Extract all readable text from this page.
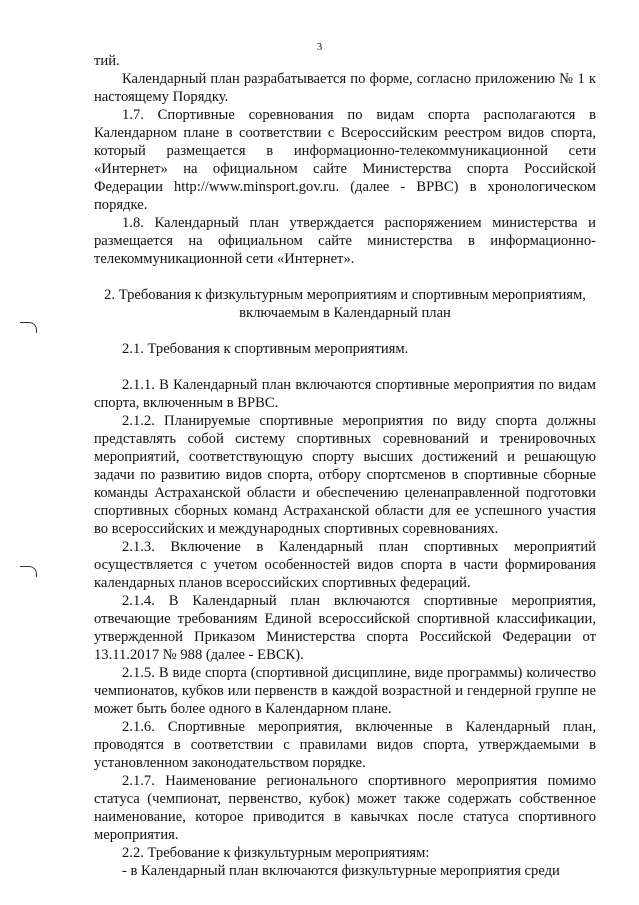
3

тий.

Календарный план разрабатывается по форме, согласно приложению № 1 к настоящему Порядку.

1.7. Спортивные соревнования по видам спорта располагаются в Календарном плане в соответствии с Всероссийским реестром видов спорта, который размещается в информационно-телекоммуникационной сети «Интернет» на официальном сайте Министерства спорта Российской Федерации http://www.minsport.gov.ru. (далее - ВРВС) в хронологическом порядке.

1.8. Календарный план утверждается распоряжением министерства и размещается на официальном сайте министерства в информационно-телекоммуникационной сети «Интернет».

2. Требования к физкультурным мероприятиям и спортивным мероприятиям, включаемым в Календарный план

2.1. Требования к спортивным мероприятиям.

2.1.1. В Календарный план включаются спортивные мероприятия по видам спорта, включенным в ВРВС.

2.1.2. Планируемые спортивные мероприятия по виду спорта должны представлять собой систему спортивных соревнований и тренировочных мероприятий, соответствующую спорту высших достижений и решающую задачи по развитию видов спорта, отбору спортсменов в спортивные сборные команды Астраханской области и обеспечению целенаправленной подготовки спортивных сборных команд Астраханской области для ее успешного участия во всероссийских и международных спортивных соревнованиях.

2.1.3. Включение в Календарный план спортивных мероприятий осуществляется с учетом особенностей видов спорта в части формирования календарных планов всероссийских спортивных федераций.

2.1.4. В Календарный план включаются спортивные мероприятия, отвечающие требованиям Единой всероссийской спортивной классификации, утвержденной Приказом Министерства спорта Российской Федерации от 13.11.2017 № 988 (далее - ЕВСК).

2.1.5. В виде спорта (спортивной дисциплине, виде программы) количество чемпионатов, кубков или первенств в каждой возрастной и гендерной группе не может быть более одного в Календарном плане.

2.1.6. Спортивные мероприятия, включенные в Календарный план, проводятся в соответствии с правилами видов спорта, утверждаемыми в установленном законодательством порядке.

2.1.7. Наименование регионального спортивного мероприятия помимо статуса (чемпионат, первенство, кубок) может также содержать собственное наименование, которое приводится в кавычках после статуса спортивного мероприятия.

2.2. Требование к физкультурным мероприятиям:

- в Календарный план включаются физкультурные мероприятия среди
